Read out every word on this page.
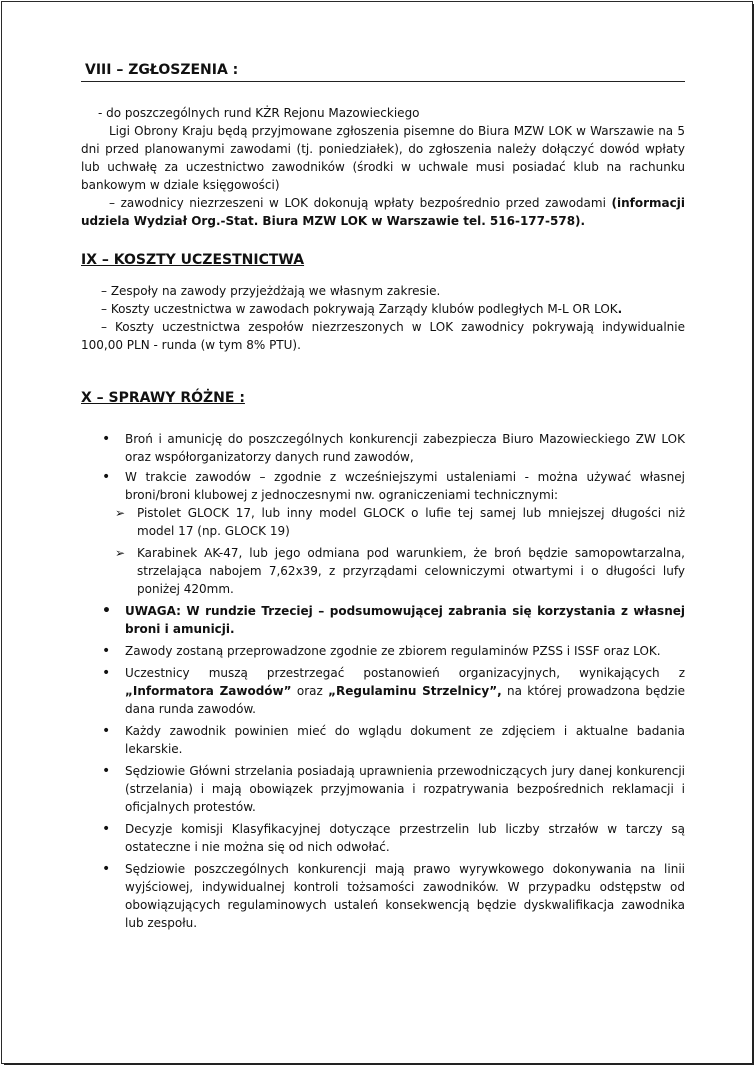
VIII – ZGŁOSZENIA :

- do poszczególnych rund KŻR Rejonu Mazowieckiego

Ligi Obrony Kraju będą przyjmowane zgłoszenia pisemne do Biura MZW LOK w Warszawie na 5 dni przed planowanymi zawodami (tj. poniedziałek), do zgłoszenia należy dołączyć dowód wpłaty lub uchwałę za uczestnictwo zawodników (środki w uchwale musi posiadać klub na rachunku bankowym w dziale księgowości)

– zawodnicy niezrzeszeni w LOK dokonują wpłaty bezpośrednio przed zawodami (informacji udziela Wydział Org.-Stat. Biura MZW LOK w Warszawie tel. 516-177-578).

IX – KOSZTY UCZESTNICTWA

– Zespoły na zawody przyjeżdżają we własnym zakresie.

– Koszty uczestnictwa w zawodach pokrywają Zarządy klubów podległych M-L OR LOK.

– Koszty uczestnictwa zespołów niezrzeszonych w LOK zawodnicy pokrywają indywidualnie 100,00 PLN - runda (w tym 8% PTU).

X – SPRAWY RÓŻNE :
• Broń i amunicję do poszczególnych konkurencji zabezpiecza Biuro Mazowieckiego ZW LOK oraz współorganizatorzy danych rund zawodów,
• W trakcie zawodów – zgodnie z wcześniejszymi ustaleniami - można używać własnej broni/broni klubowej z jednoczesnymi nw. ograniczeniami technicznymi:
➢ Pistolet GLOCK 17, lub inny model GLOCK o lufie tej samej lub mniejszej długości niż model 17 (np. GLOCK 19)
➢ Karabinek AK-47, lub jego odmiana pod warunkiem, że broń będzie samopowtarzalna, strzelająca nabojem 7,62x39, z przyrządami celowniczymi otwartymi i o długości lufy poniżej 420mm.
• UWAGA: W rundzie Trzeciej – podsumowującej zabrania się korzystania z własnej broni i amunicji.
• Zawody zostaną przeprowadzone zgodnie ze zbiorem regulaminów PZSS i ISSF oraz LOK.
• Uczestnicy muszą przestrzegać postanowień organizacyjnych, wynikających z „Informatora Zawodów” oraz „Regulaminu Strzelnicy”, na której prowadzona będzie dana runda zawodów.
• Każdy zawodnik powinien mieć do wglądu dokument ze zdjęciem i aktualne badania lekarskie.
• Sędziowie Główni strzelania posiadają uprawnienia przewodniczących jury danej konkurencji (strzelania) i mają obowiązek przyjmowania i rozpatrywania bezpośrednich reklamacji i oficjalnych protestów.
• Decyzje komisji Klasyfikacyjnej dotyczące przestrzelin lub liczby strzałów w tarczy są ostateczne i nie można się od nich odwołać.
• Sędziowie poszczególnych konkurencji mają prawo wyrywkowego dokonywania na linii wyjściowej, indywidualnej kontroli tożsamości zawodników. W przypadku odstępstw od obowiązujących regulaminowych ustaleń konsekwencją będzie dyskwalifikacja zawodnika lub zespołu.
